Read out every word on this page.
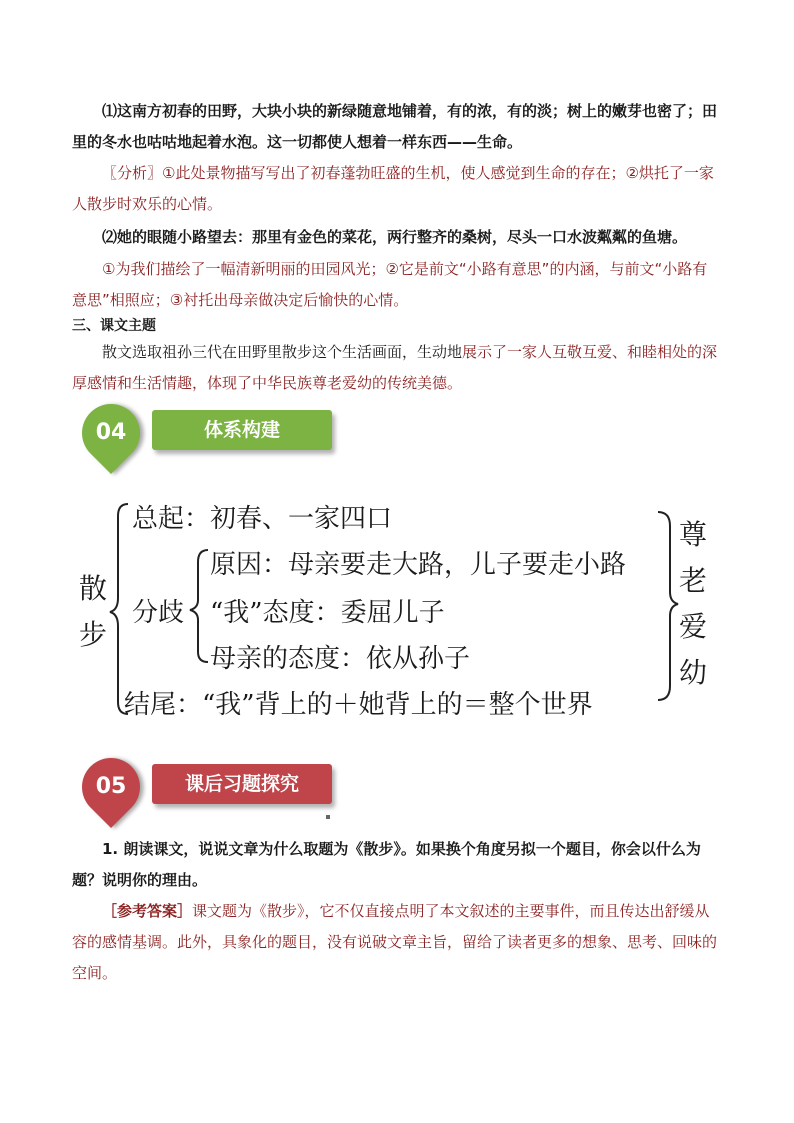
⑴这南方初春的田野，大块小块的新绿随意地铺着，有的浓，有的淡；树上的嫩芽也密了；田里的冬水也咕咕地起着水泡。这一切都使人想着一样东西——生命。

〖分析〗①此处景物描写写出了初春蓬勃旺盛的生机，使人感觉到生命的存在；②烘托了一家人散步时欢乐的心情。

⑵她的眼随小路望去：那里有金色的菜花，两行整齐的桑树，尽头一口水波粼粼的鱼塘。

①为我们描绘了一幅清新明丽的田园风光；②它是前文“小路有意思”的内涵，与前文“小路有意思”相照应；③衬托出母亲做决定后愉快的心情。

三、课文主题

散文选取祖孙三代在田野里散步这个生活画面，生动地展示了一家人互敬互爱、和睦相处的深厚感情和生活情趣，体现了中华民族尊老爱幼的传统美德。

04	体系构建
散
步
总起：初春、一家四口
分歧
原因：母亲要走大路，儿子要走小路
“我”态度：委屈儿子
母亲的态度：依从孙子
结尾：“我”背上的＋她背上的＝整个世界
尊
老
爱
幼
05	课后习题探究

1. 朗读课文，说说文章为什么取题为《散步》。如果换个角度另拟一个题目，你会以什么为题？说明你的理由。

［参考答案］课文题为《散步》，它不仅直接点明了本文叙述的主要事件，而且传达出舒缓从容的感情基调。此外，具象化的题目，没有说破文章主旨，留给了读者更多的想象、思考、回味的空间。
